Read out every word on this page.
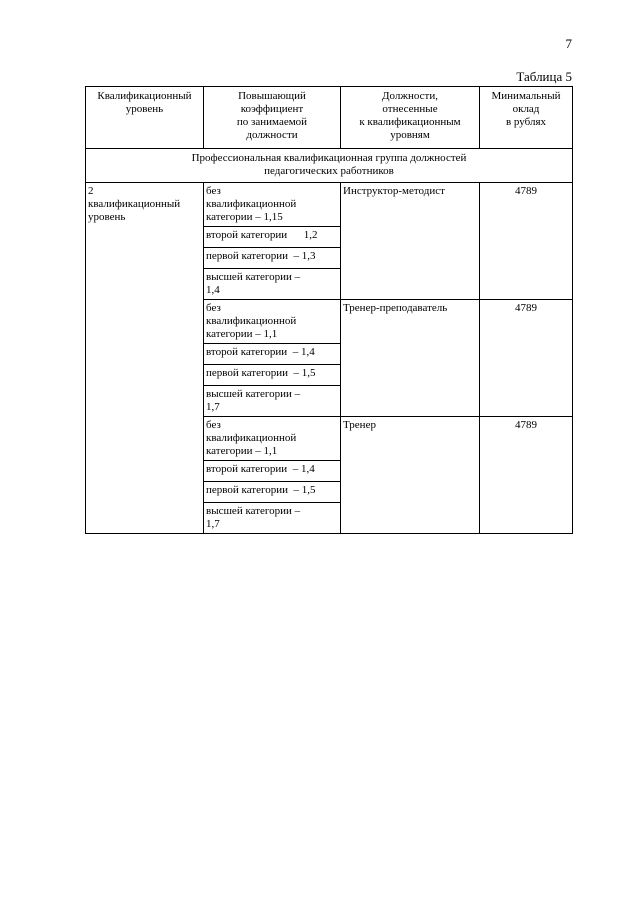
7
Таблица 5
Квалификационный
уровень	Повышающий
коэффициент
по занимаемой
должности	Должности,
отнесенные
к квалификационным
уровням	Минимальный
оклад
в рублях
Профессиональная квалификационная группа должностей
педагогических работников			
2
квалификационный
уровень	без
квалификационной
категории – 1,15	Инструктор-методист	4789
	второй категории      1,2		
	первой категории  – 1,3		
	высшей категории –
1,4		
	без
квалификационной
категории – 1,1	Тренер-преподаватель	4789
	второй категории  – 1,4		
	первой категории  – 1,5		
	высшей категории –
1,7		
	без
квалификационной
категории – 1,1	Тренер	4789
	второй категории  – 1,4		
	первой категории  – 1,5		
	высшей категории –
1,7		
